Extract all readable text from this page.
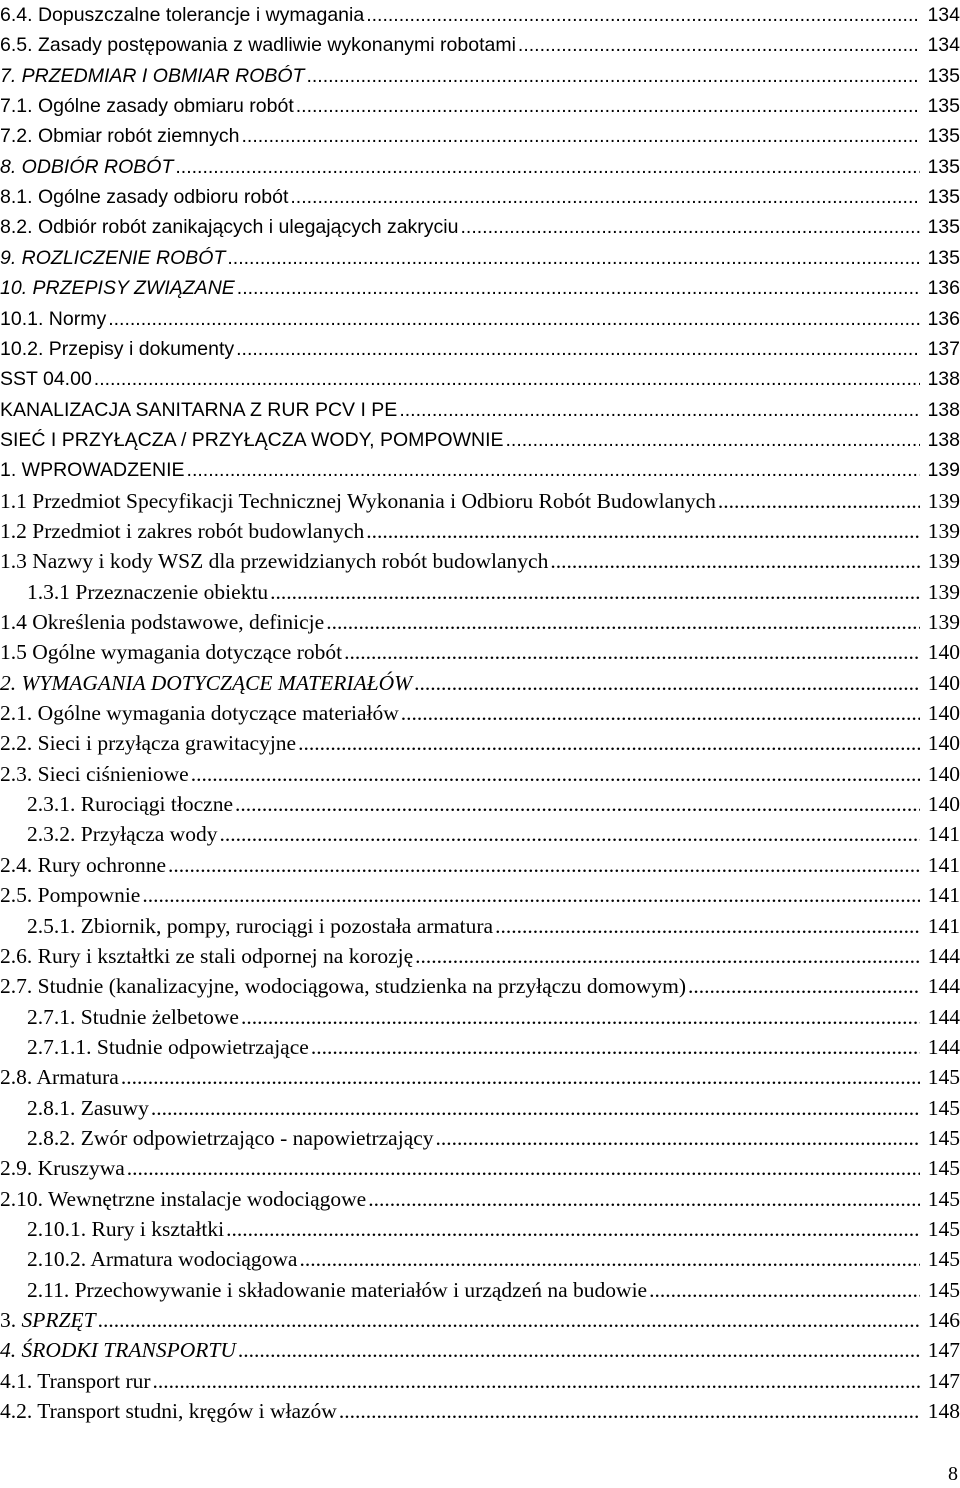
6.4. Dopuszczalne tolerancje i wymagania .....	134
6.5. Zasady postępowania z wadliwie wykonanymi robotami .....	134
7. PRZEDMIAR I OBMIAR ROBÓT .....	135
7.1. Ogólne zasady obmiaru robót .....	135
7.2. Obmiar robót ziemnych .....	135
8. ODBIÓR ROBÓT .....	135
8.1. Ogólne zasady odbioru robót .....	135
8.2. Odbiór robót zanikających i ulegających zakryciu .....	135
9. ROZLICZENIE ROBÓT .....	135
10. PRZEPISY ZWIĄZANE .....	136
10.1. Normy .....	136
10.2. Przepisy i dokumenty .....	137
SST 04.00 .....	138
KANALIZACJA SANITARNA Z RUR PCV I PE .....	138
SIEĆ I PRZYŁĄCZA / PRZYŁĄCZA WODY, POMPOWNIE .....	138
1. WPROWADZENIE .....	139
1.1 Przedmiot Specyfikacji Technicznej Wykonania i Odbioru Robót Budowlanych .....	139
1.2 Przedmiot i zakres robót budowlanych .....	139
1.3 Nazwy i kody WSZ dla przewidzianych robót budowlanych .....	139
1.3.1 Przeznaczenie obiektu .....	139
1.4 Określenia podstawowe, definicje .....	139
1.5 Ogólne wymagania dotyczące robót .....	140
2. WYMAGANIA DOTYCZĄCE MATERIAŁÓW .....	140
2.1. Ogólne wymagania dotyczące materiałów .....	140
2.2. Sieci i przyłącza grawitacyjne .....	140
2.3. Sieci ciśnieniowe .....	140
2.3.1. Rurociągi tłoczne .....	140
2.3.2. Przyłącza wody .....	141
2.4. Rury ochronne .....	141
2.5. Pompownie .....	141
2.5.1. Zbiornik, pompy, rurociągi i pozostała armatura .....	141
2.6. Rury i kształtki ze stali odpornej na korozję .....	144
2.7. Studnie (kanalizacyjne, wodociągowa, studzienka na przyłączu domowym) .....	144
2.7.1. Studnie żelbetowe .....	144
2.7.1.1. Studnie odpowietrzające .....	144
2.8. Armatura .....	145
2.8.1. Zasuwy .....	145
2.8.2. Zwór odpowietrzająco - napowietrzający .....	145
2.9. Kruszywa .....	145
2.10. Wewnętrzne instalacje wodociągowe .....	145
2.10.1. Rury i kształtki .....	145
2.10.2. Armatura wodociągowa .....	145
2.11. Przechowywanie i składowanie materiałów i urządzeń na budowie .....	145
3. SPRZĘT .....	146
4. ŚRODKI TRANSPORTU .....	147
4.1. Transport rur .....	147
4.2. Transport studni, kręgów i włazów .....	148
8
